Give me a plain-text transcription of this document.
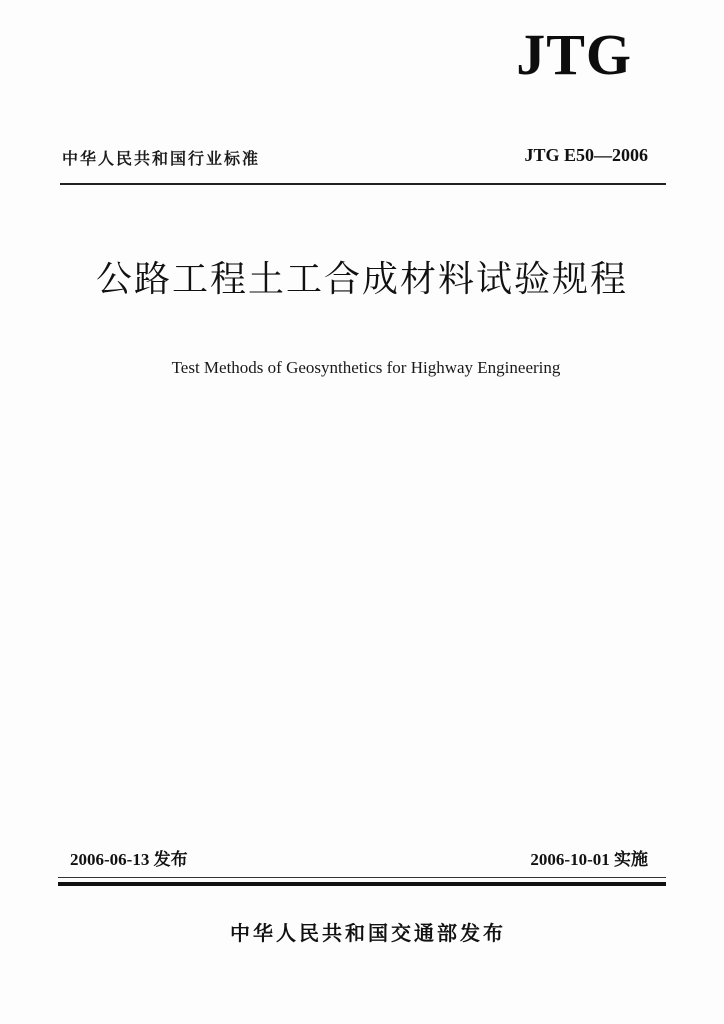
JTG
中华人民共和国行业标准	JTG E50—2006
公路工程土工合成材料试验规程
Test Methods of Geosynthetics for Highway Engineering
2006-06-13 发布	2006-10-01 实施
中华人民共和国交通部发布
